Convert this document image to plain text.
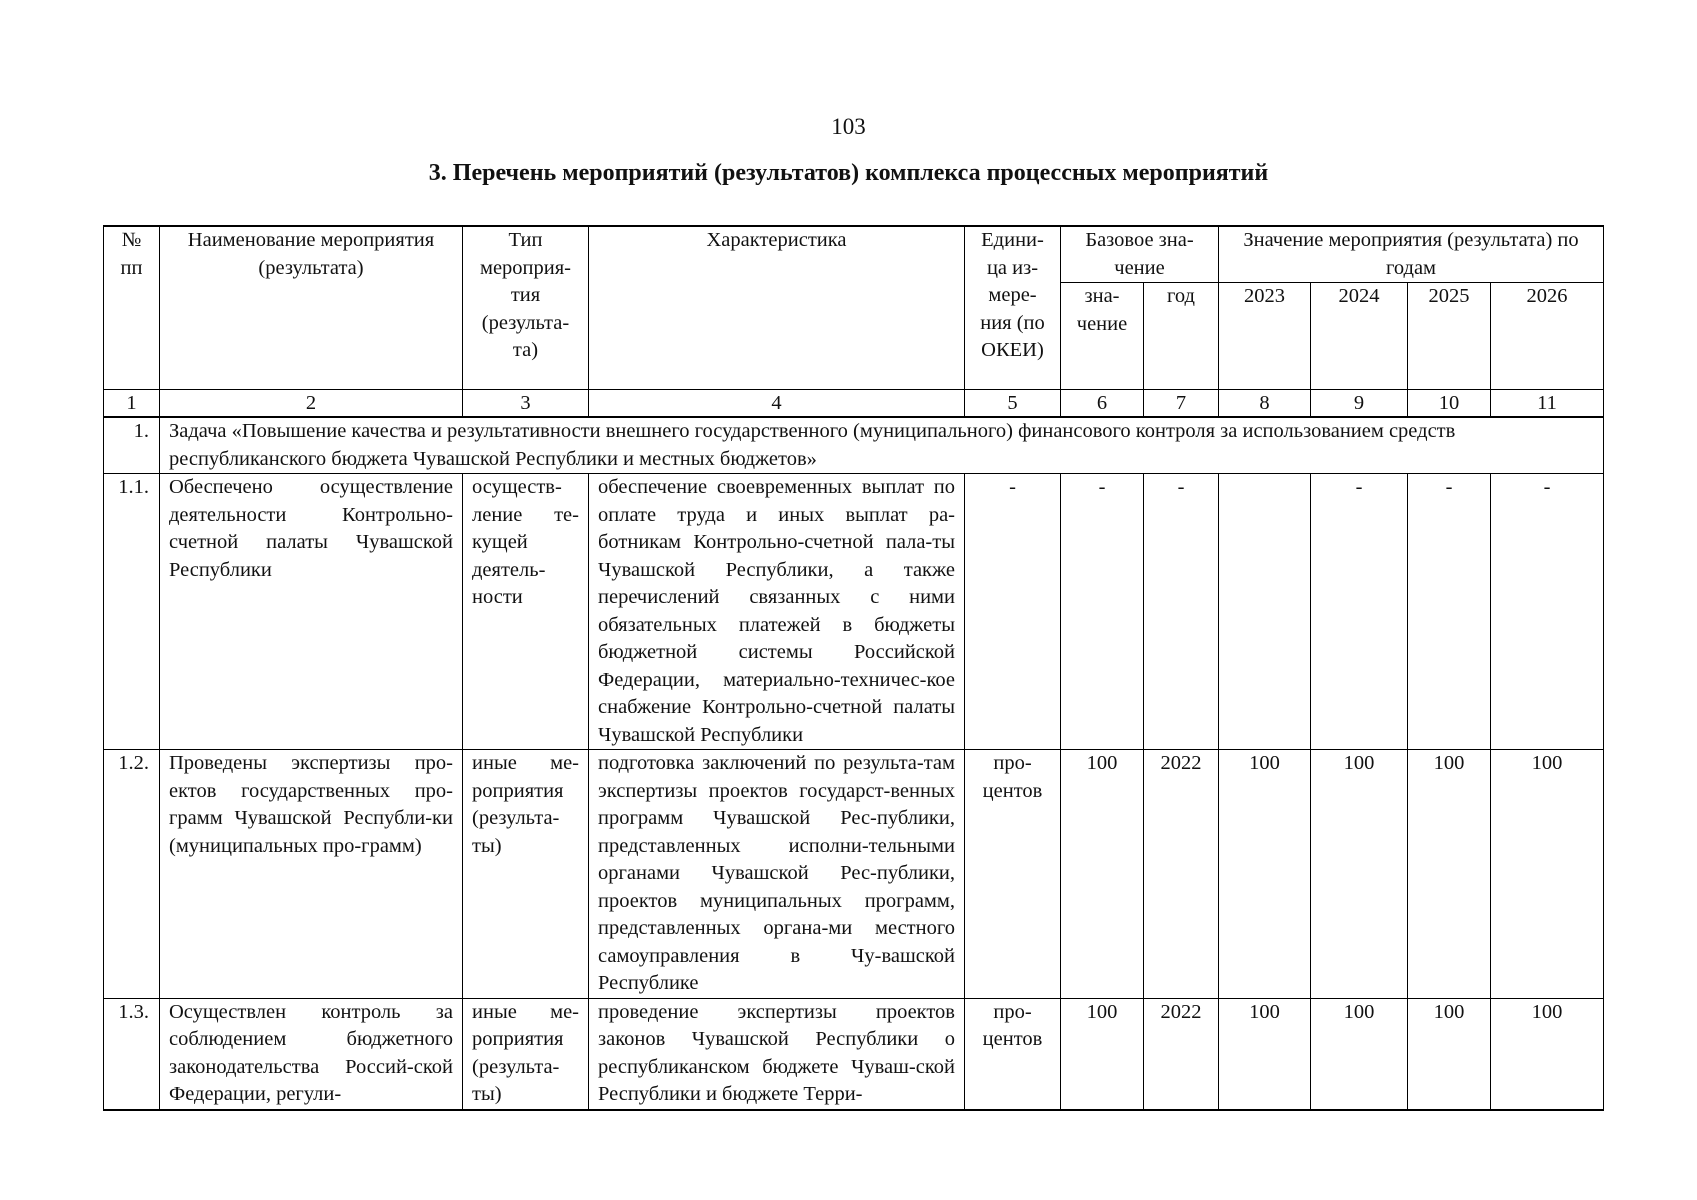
103
3. Перечень мероприятий (результатов) комплекса процессных мероприятий
№ пп	Наименование мероприятия (результата)	Тип мероприя-тия (результа-та)	Характеристика	Едини-ца из-мере-ния (по ОКЕИ)	Базовое зна-чение		Значение мероприятия (результата) по годам			
					зна-чение	год	2023	2024	2025	2026
1	2	3	4	5	6	7	8	9	10	11
1.	Задача «Повышение качества и результативности внешнего государственного (муниципального) финансового контроля за использованием средств республиканского бюджета Чувашской Республики и местных бюджетов»									
1.1.	Обеспечено осуществление деятельности Контрольно-счетной палаты Чувашской Республики	осуществ-ление те-кущей деятель-ности	обеспечение своевременных выплат по оплате труда и иных выплат ра-ботникам Контрольно-счетной пала-ты Чувашской Республики, а также перечислений связанных с ними обязательных платежей в бюджеты бюджетной системы Российской Федерации, материально-техничес-кое снабжение Контрольно-счетной палаты Чувашской Республики	-	-	-		-	-	-
1.2.	Проведены экспертизы про-ектов государственных про-грамм Чувашской Республи-ки (муниципальных про-грамм)	иные ме-роприятия (результа-ты)	подготовка заключений по результа-там экспертизы проектов государст-венных программ Чувашской Рес-публики, представленных исполни-тельными органами Чувашской Рес-публики, проектов муниципальных программ, представленных органа-ми местного самоуправления в Чу-вашской Республике	про-центов	100	2022	100	100	100	100
1.3.	Осуществлен контроль за соблюдением бюджетного законодательства Россий-ской Федерации, регули-	иные ме-роприятия (результа-ты)	проведение экспертизы проектов законов Чувашской Республики о республиканском бюджете Чуваш-ской Республики и бюджете Терри-	про-центов	100	2022	100	100	100	100
